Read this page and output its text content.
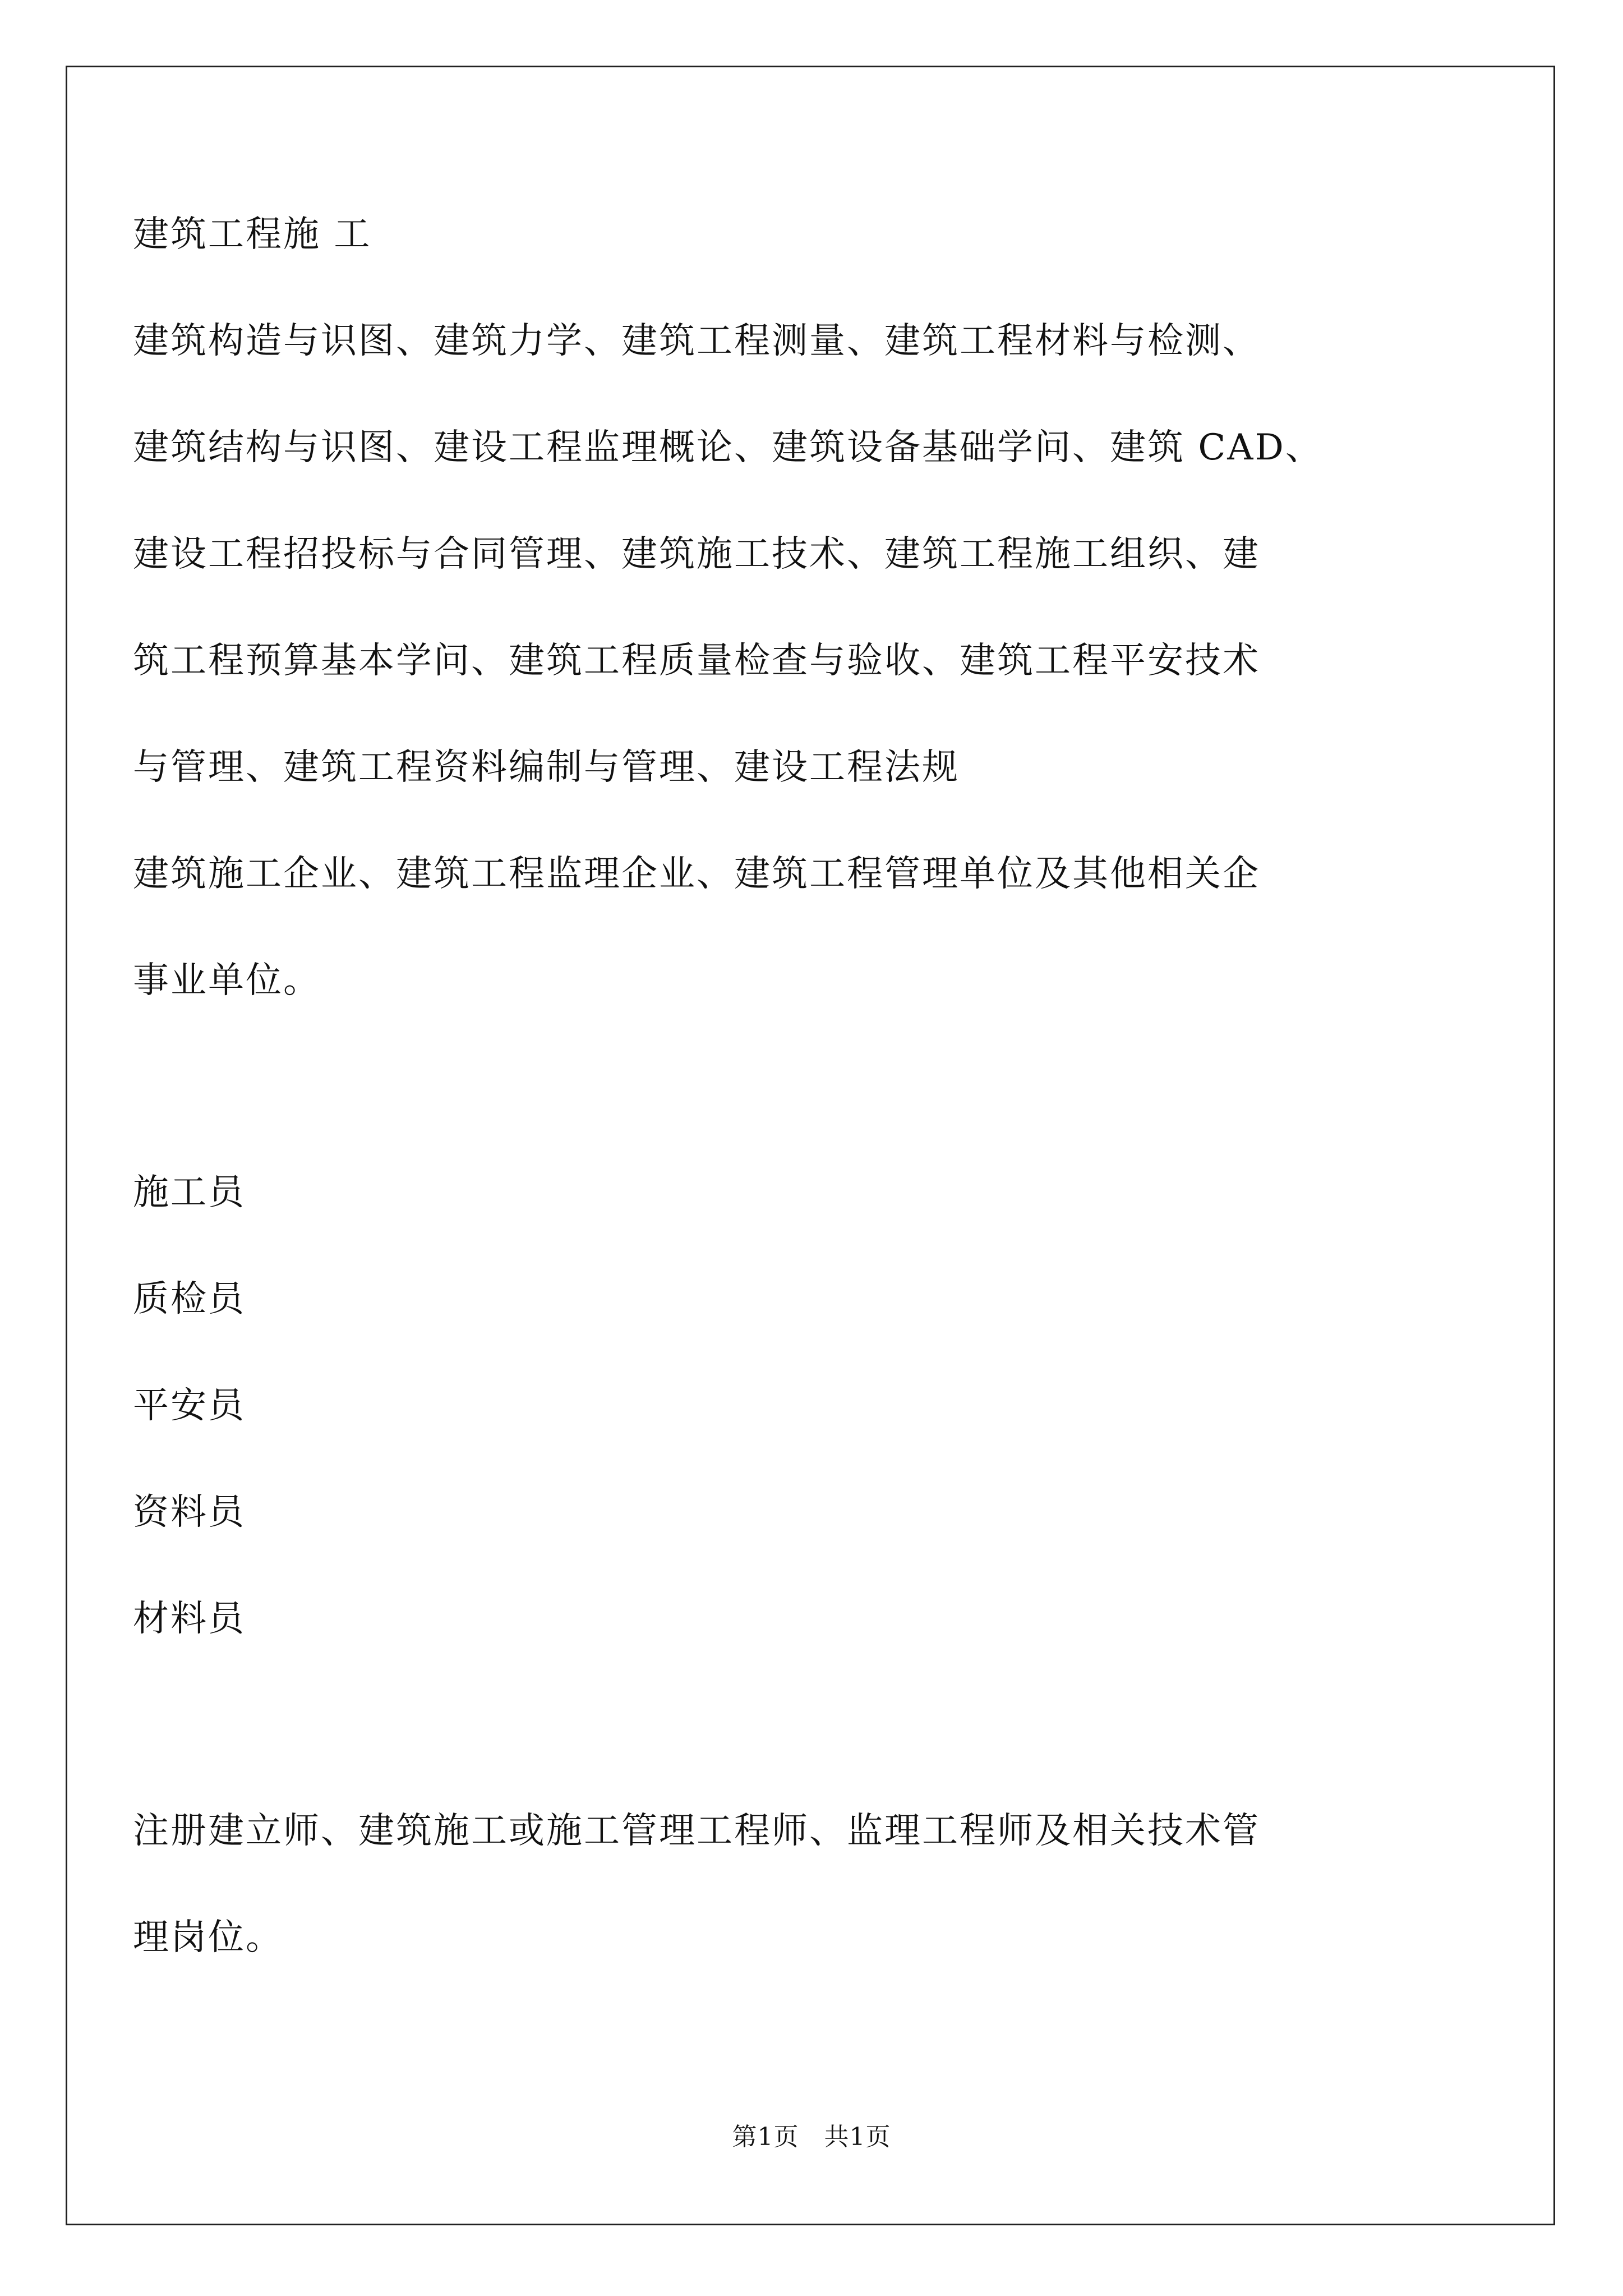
建筑工程施 工
建筑构造与识图、建筑力学、建筑工程测量、建筑工程材料与检测、
建筑结构与识图、建设工程监理概论、建筑设备基础学问、建筑 CAD、
建设工程招投标与合同管理、建筑施工技术、建筑工程施工组织、建
筑工程预算基本学问、建筑工程质量检查与验收、建筑工程平安技术
与管理、建筑工程资料编制与管理、建设工程法规
建筑施工企业、建筑工程监理企业、建筑工程管理单位及其他相关企
事业单位。
施工员
质检员
平安员
资料员
材料员
注册建立师、建筑施工或施工管理工程师、监理工程师及相关技术管
理岗位。
第1页   共1页
